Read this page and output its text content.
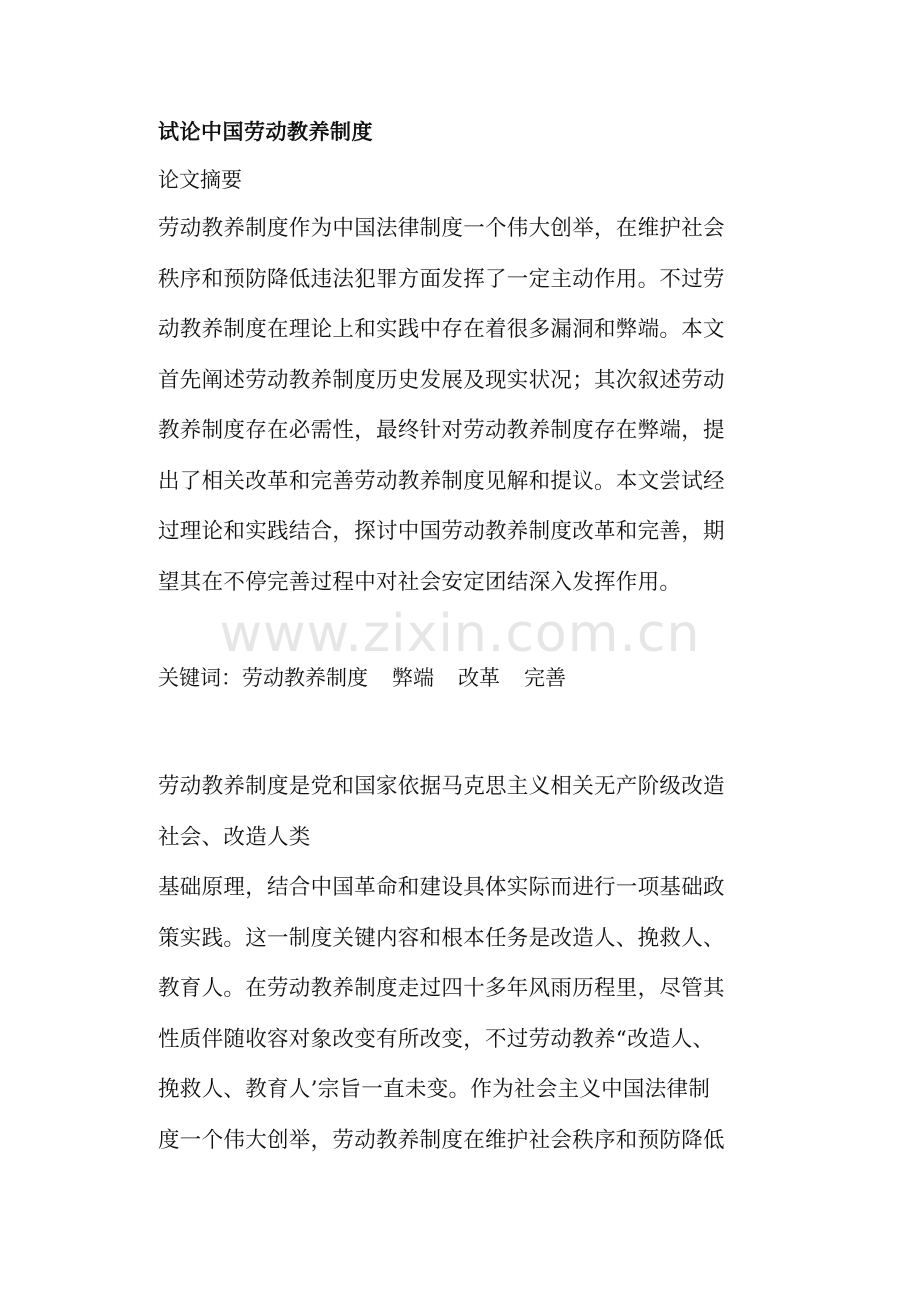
www.zixin.com.cn
试论中国劳动教养制度
论文摘要
劳动教养制度作为中国法律制度一个伟大创举，在维护社会
秩序和预防降低违法犯罪方面发挥了一定主动作用。不过劳
动教养制度在理论上和实践中存在着很多漏洞和弊端。本文
首先阐述劳动教养制度历史发展及现实状况；其次叙述劳动
教养制度存在必需性，最终针对劳动教养制度存在弊端，提
出了相关改革和完善劳动教养制度见解和提议。本文尝试经
过理论和实践结合，探讨中国劳动教养制度改革和完善，期
望其在不停完善过程中对社会安定团结深入发挥作用。
关键词：劳动教养制度 弊端 改革 完善
劳动教养制度是党和国家依据马克思主义相关无产阶级改造
社会、改造人类
基础原理，结合中国革命和建设具体实际而进行一项基础政
策实践。这一制度关键内容和根本任务是改造人、挽救人、
教育人。在劳动教养制度走过四十多年风雨历程里，尽管其
性质伴随收容对象改变有所改变，不过劳动教养“改造人、
挽救人、教育人’宗旨一直未变。作为社会主义中国法律制
度一个伟大创举，劳动教养制度在维护社会秩序和预防降低
